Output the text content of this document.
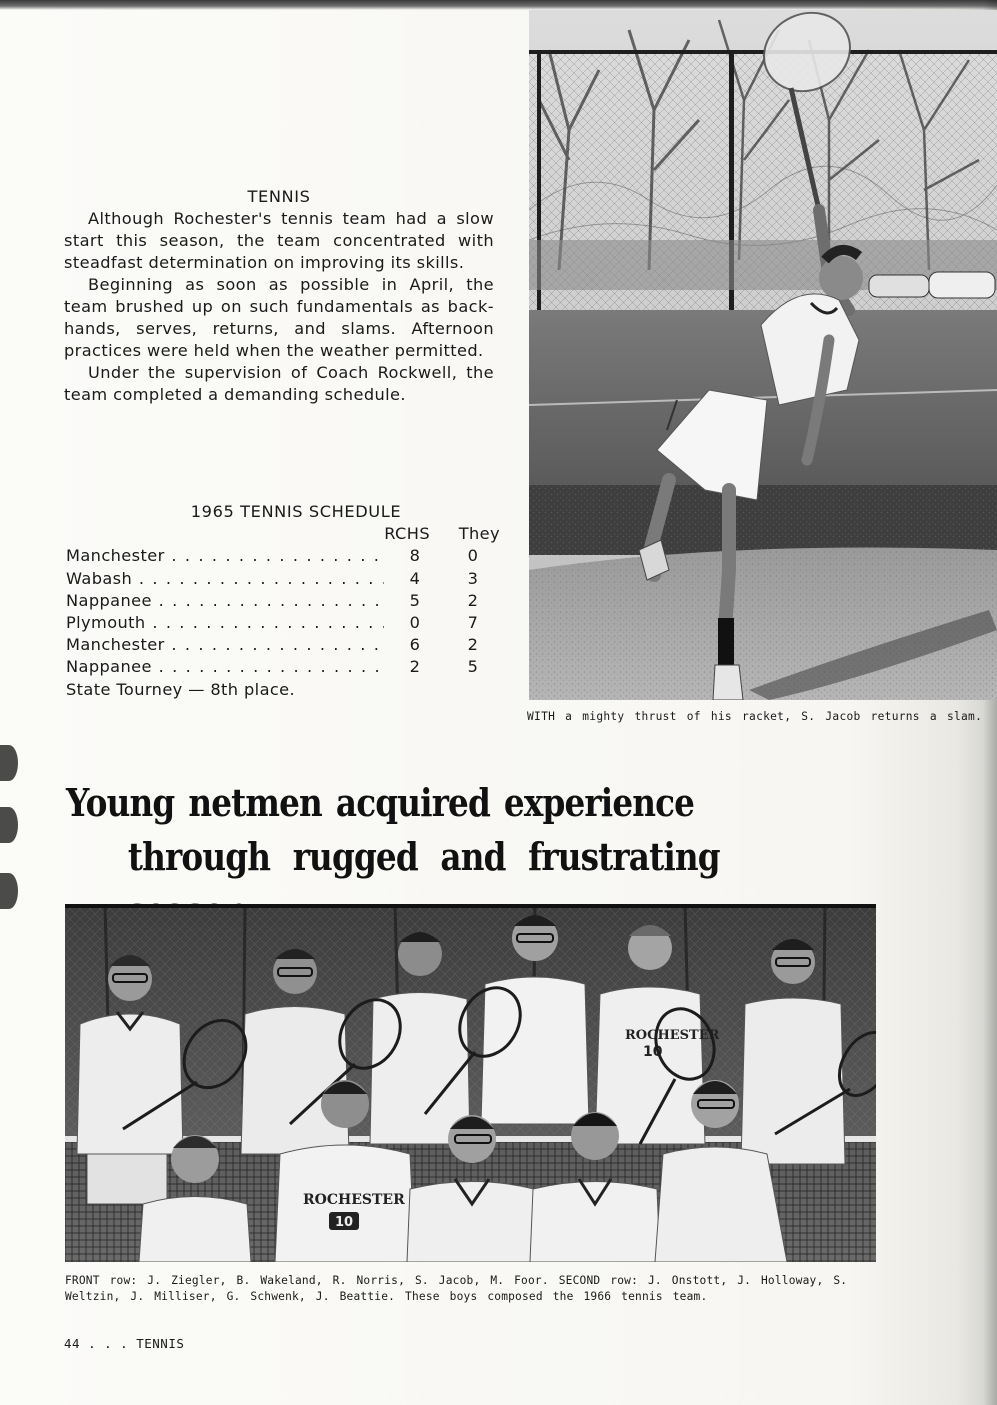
TENNIS

Although Rochester's tennis team had a slow start this season, the team concentrated with steadfast determination on improving its skills.

Beginning as soon as possible in April, the team brushed up on such fundamentals as back-hands, serves, returns, and slams. Afternoon practices were held when the weather permitted.

Under the supervision of Coach Rockwell, the team completed a demanding schedule.

1965 TENNIS SCHEDULE
RCHS	They
Manchester . . .	8	0
Wabash . . .	4	3
Nappanee . . .	5	2
Plymouth . . .	0	7
Manchester . . .	6	2
Nappanee . . .	2	5
State Tourney — 8th place.
WITH a mighty thrust of his racket, S. Jacob returns a slam.
Young netmen acquired experience
through rugged and frustrating
ROCHESTER
10
ROCHESTER
10
FRONT row: J. Ziegler, B. Wakeland, R. Norris, S. Jacob, M. Foor. SECOND row: J. Onstott, J. Holloway, S. Weltzin, J. Milliser, G. Schwenk, J. Beattie. These boys composed the 1966 tennis team.
44 . . . TENNIS
